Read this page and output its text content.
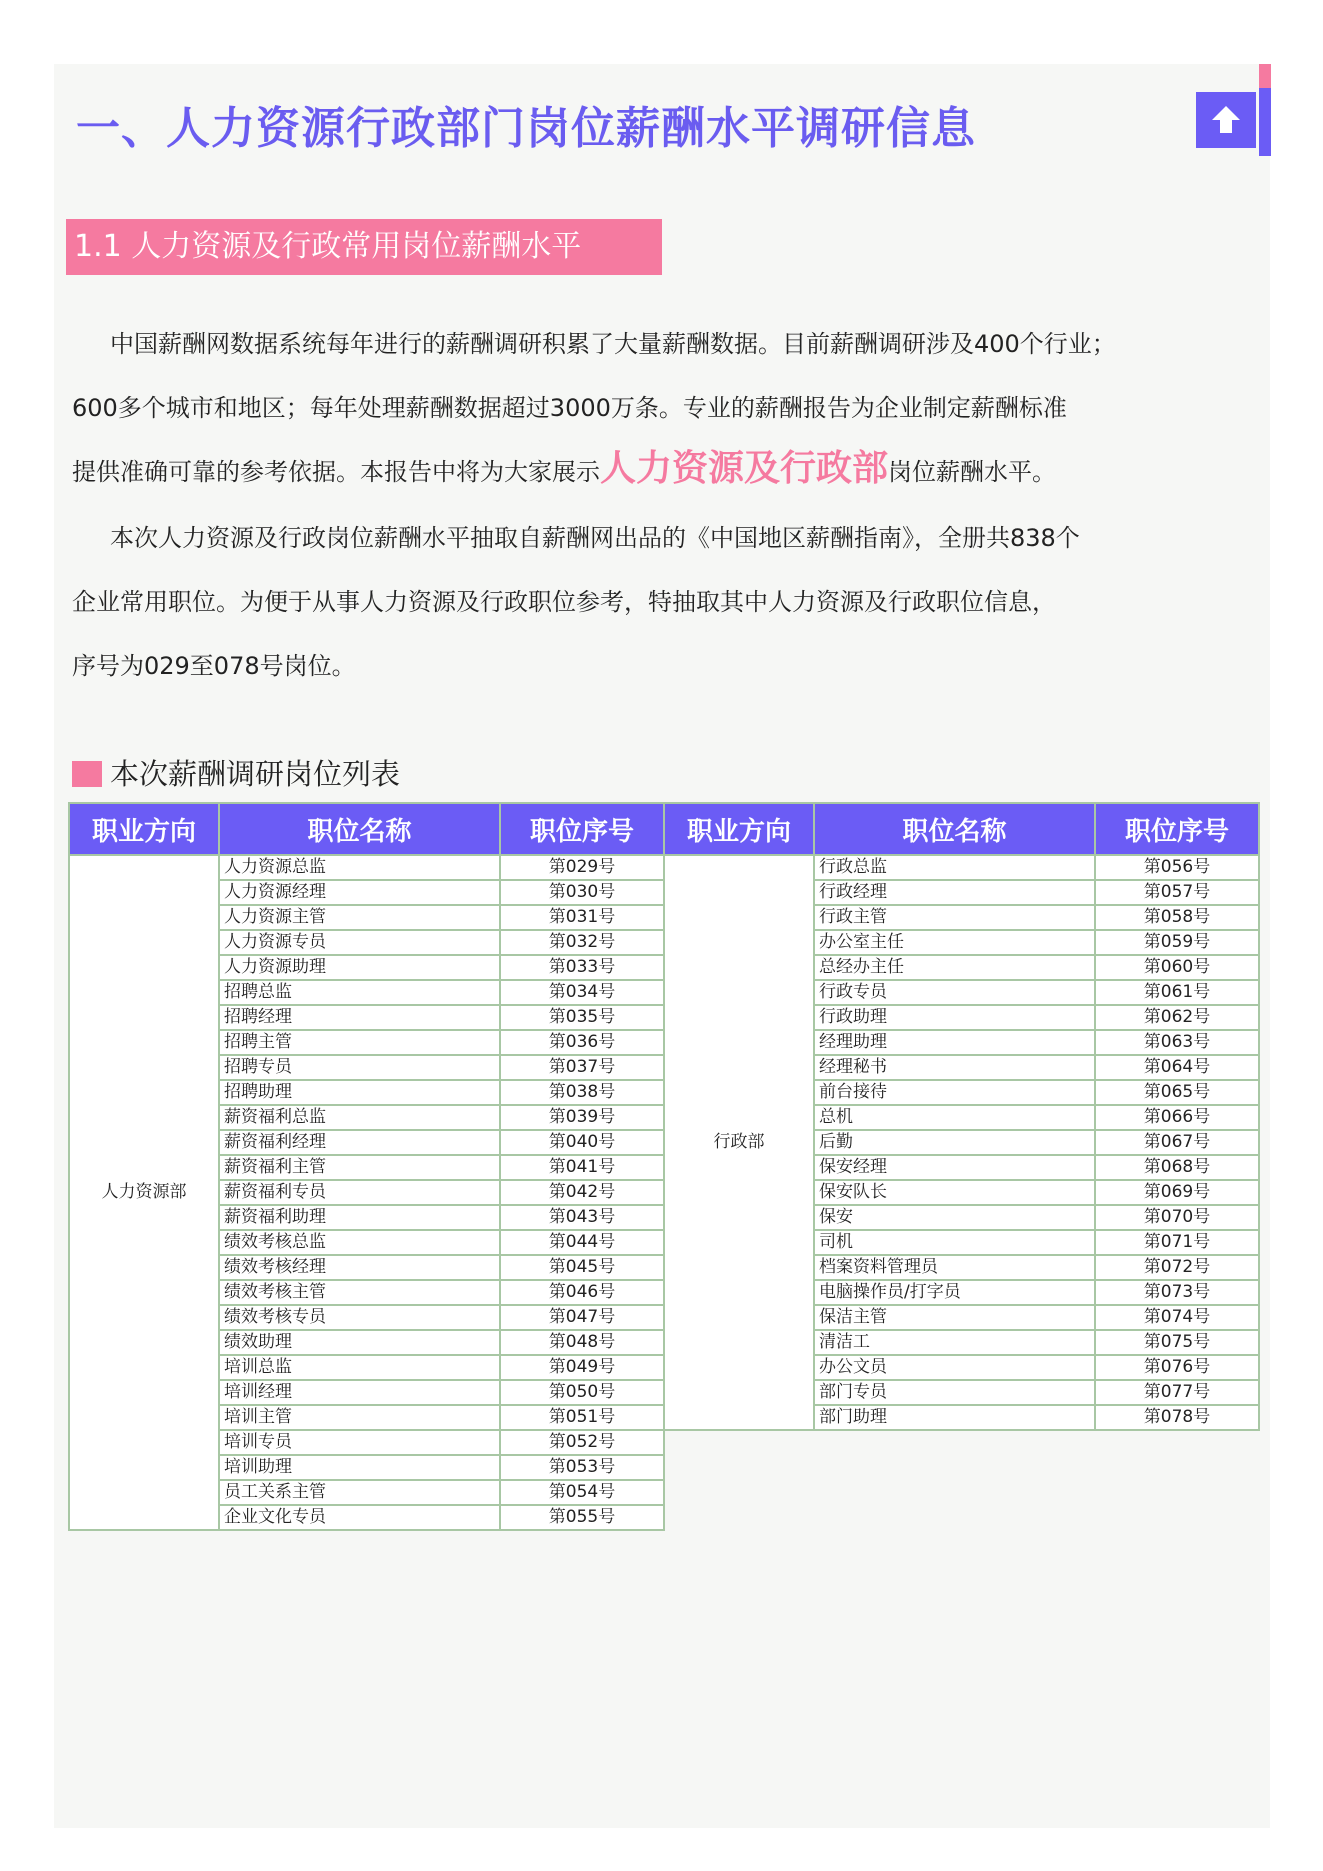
一、人力资源行政部门岗位薪酬水平调研信息
1.1 人力资源及行政常用岗位薪酬水平
中国薪酬网数据系统每年进行的薪酬调研积累了大量薪酬数据。目前薪酬调研涉及400个行业；
600多个城市和地区；每年处理薪酬数据超过3000万条。专业的薪酬报告为企业制定薪酬标准
提供准确可靠的参考依据。本报告中将为大家展示人力资源及行政部岗位薪酬水平。
本次人力资源及行政岗位薪酬水平抽取自薪酬网出品的《中国地区薪酬指南》，全册共838个
企业常用职位。为便于从事人力资源及行政职位参考，特抽取其中人力资源及行政职位信息，
序号为029至078号岗位。
本次薪酬调研岗位列表
职业方向	职位名称	职位序号	职业方向	职位名称	职位序号
人力资源部	人力资源总监	第029号	行政部	行政总监	第056号
	人力资源经理	第030号		行政经理	第057号
	人力资源主管	第031号		行政主管	第058号
	人力资源专员	第032号		办公室主任	第059号
	人力资源助理	第033号		总经办主任	第060号
	招聘总监	第034号		行政专员	第061号
	招聘经理	第035号		行政助理	第062号
	招聘主管	第036号		经理助理	第063号
	招聘专员	第037号		经理秘书	第064号
	招聘助理	第038号		前台接待	第065号
	薪资福利总监	第039号		总机	第066号
	薪资福利经理	第040号		后勤	第067号
	薪资福利主管	第041号		保安经理	第068号
	薪资福利专员	第042号		保安队长	第069号
	薪资福利助理	第043号		保安	第070号
	绩效考核总监	第044号		司机	第071号
	绩效考核经理	第045号		档案资料管理员	第072号
	绩效考核主管	第046号		电脑操作员/打字员	第073号
	绩效考核专员	第047号		保洁主管	第074号
	绩效助理	第048号		清洁工	第075号
	培训总监	第049号		办公文员	第076号
	培训经理	第050号		部门专员	第077号
	培训主管	第051号		部门助理	第078号
	培训专员	第052号			
	培训助理	第053号			
	员工关系主管	第054号			
	企业文化专员	第055号			
